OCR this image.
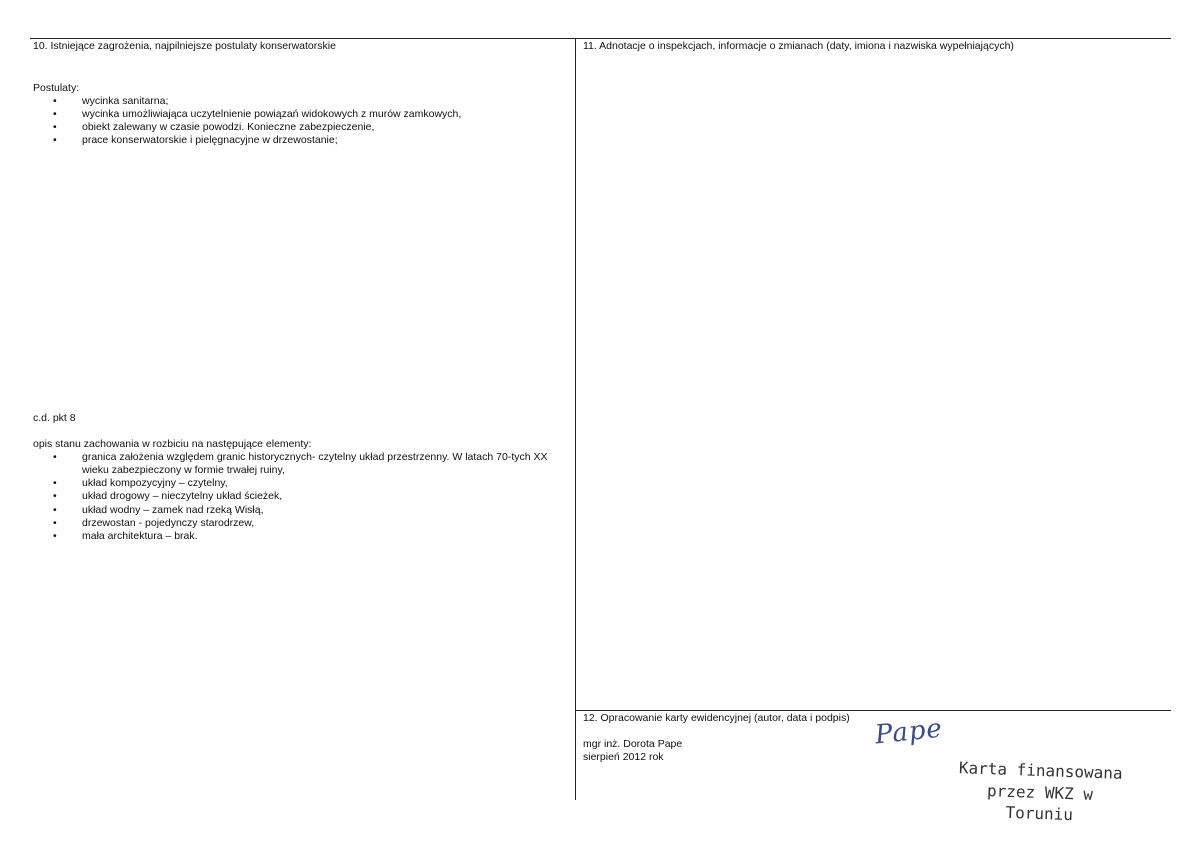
10. Istniejące zagrożenia, najpilniejsze postulaty konserwatorskie	11. Adnotacje o inspekcjach, informacje o zmianach (daty, imiona i nazwiska wypełniających)
12. Opracowanie karty ewidencyjnej (autor, data i podpis)
Postulaty:
• wycinka sanitarna;
• wycinka umożliwiająca uczytelnienie powiązań widokowych z murów zamkowych,
• obiekt zalewany w czasie powodzi. Konieczne zabezpieczenie,
• prace konserwatorskie i pielęgnacyjne w drzewostanie;
c.d. pkt 8
opis stanu zachowania w rozbiciu na następujące elementy:
• granica założenia względem granic historycznych- czytelny układ przestrzenny. W latach 70-tych XX wieku zabezpieczony w formie trwałej ruiny,
• układ kompozycyjny – czytelny,
• układ drogowy – nieczytelny układ ścieżek,
• układ wodny – zamek nad rzeką Wisłą,
• drzewostan - pojedynczy starodrzew,
• mała architektura – brak.
mgr inż. Dorota Pape
sierpień 2012 rok
Pape
Karta finansowana
przez WKZ w Toruniu
